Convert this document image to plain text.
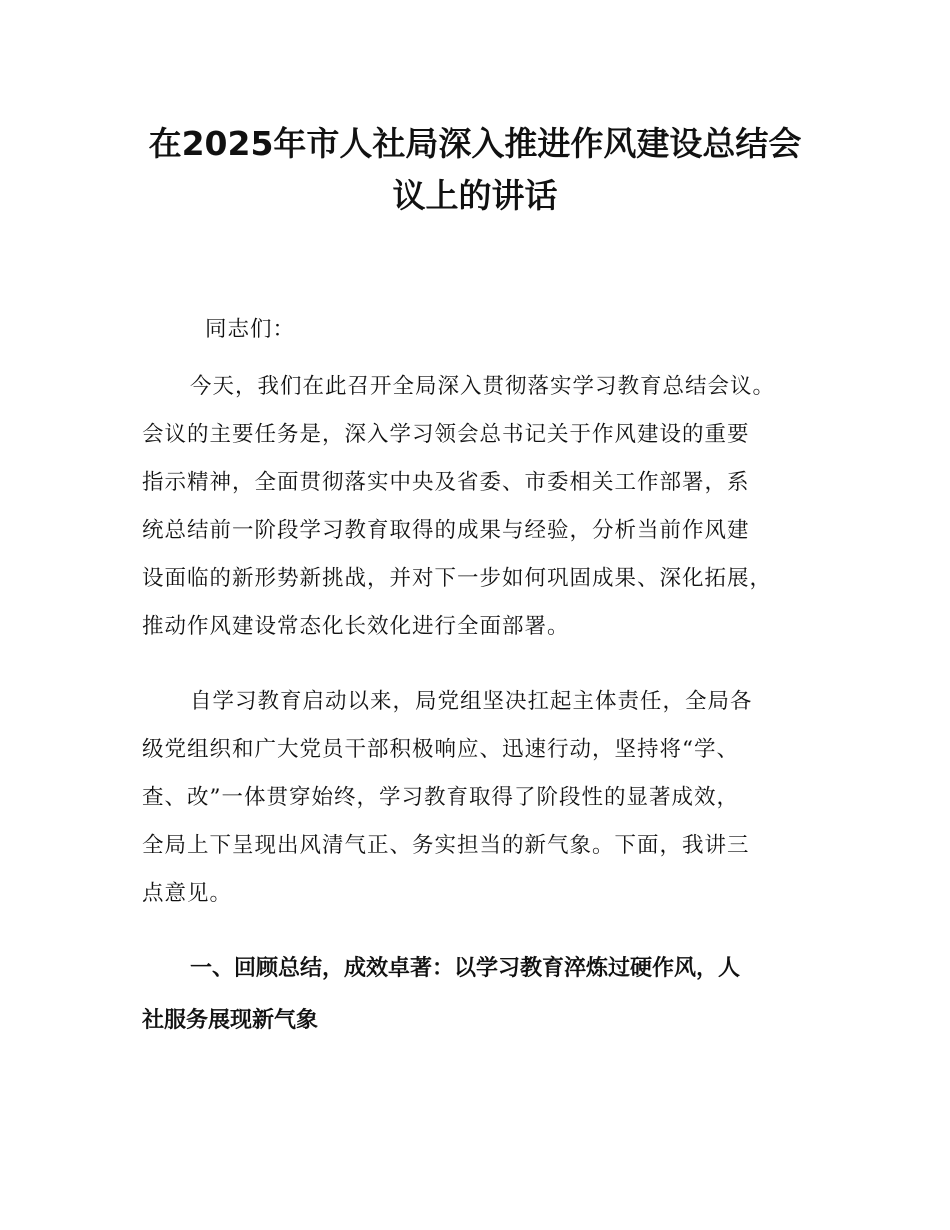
在2025年市人社局深入推进作风建设总结会
议上的讲话

同志们：

今天，我们在此召开全局深入贯彻落实学习教育总结会议。
会议的主要任务是，深入学习领会总书记关于作风建设的重要
指示精神，全面贯彻落实中央及省委、市委相关工作部署，系
统总结前一阶段学习教育取得的成果与经验，分析当前作风建
设面临的新形势新挑战，并对下一步如何巩固成果、深化拓展，
推动作风建设常态化长效化进行全面部署。

自学习教育启动以来，局党组坚决扛起主体责任，全局各
级党组织和广大党员干部积极响应、迅速行动，坚持将“学、
查、改”一体贯穿始终，学习教育取得了阶段性的显著成效，
全局上下呈现出风清气正、务实担当的新气象。下面，我讲三
点意见。

一、回顾总结，成效卓著：以学习教育淬炼过硬作风，人
社服务展现新气象
